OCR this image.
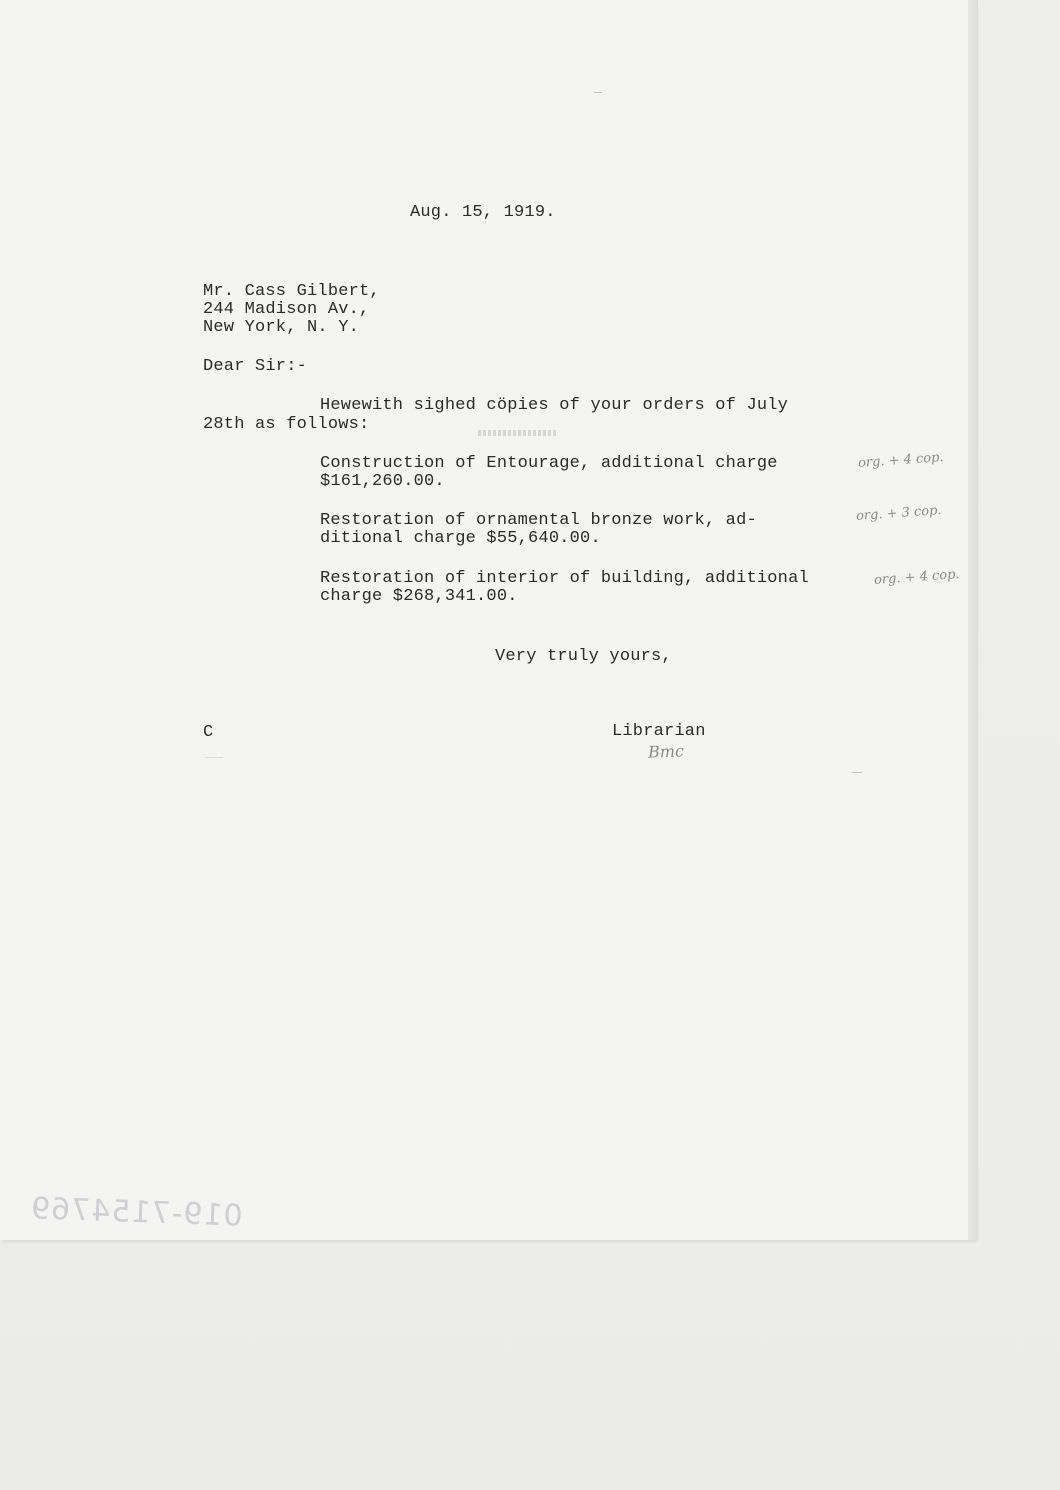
Aug. 15, 1919.
Mr. Cass Gilbert,
244 Madison Av.,
New York, N. Y.
Dear Sir:-
Hewewith sighed cöpies of your orders of July
28th as follows:
Construction of Entourage, additional charge
$161,260.00.
org. + 4 cop.
Restoration of ornamental bronze work, ad-
ditional charge $55,640.00.
org. + 3 cop.
Restoration of interior of building, additional
charge $268,341.00.
org. + 4 cop.
Very truly yours,
C	Librarian
Bmc
019-7154769
